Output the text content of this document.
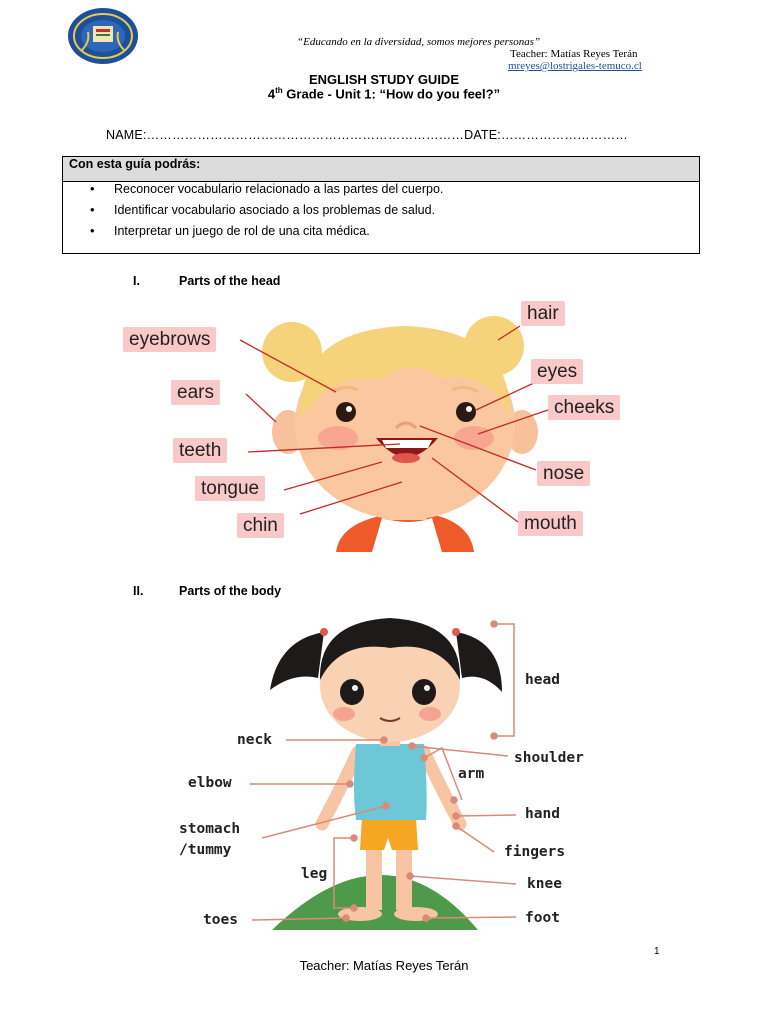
“Educando en la diversidad, somos mejores personas”
Teacher: Matías Reyes Terán
mreyes@lostrigales-temuco.cl
ENGLISH STUDY GUIDE
4th Grade - Unit 1: “How do you feel?”
NAME:…………………………………………………………………DATE:…………………………
Con esta guía podrás:
• Reconocer vocabulario relacionado a las partes del cuerpo.
• Identificar vocabulario asociado a los problemas de salud.
• Interpretar un juego de rol de una cita médica.
I.	Parts of the head
hair
eyebrows
eyes
ears
cheeks
teeth
nose
tongue
mouth
chin
II.	Parts of the body
head
neck
shoulder
arm
elbow
hand
stomach
/tummy	fingers
leg
knee
toes	foot
1
Teacher: Matías Reyes Terán
